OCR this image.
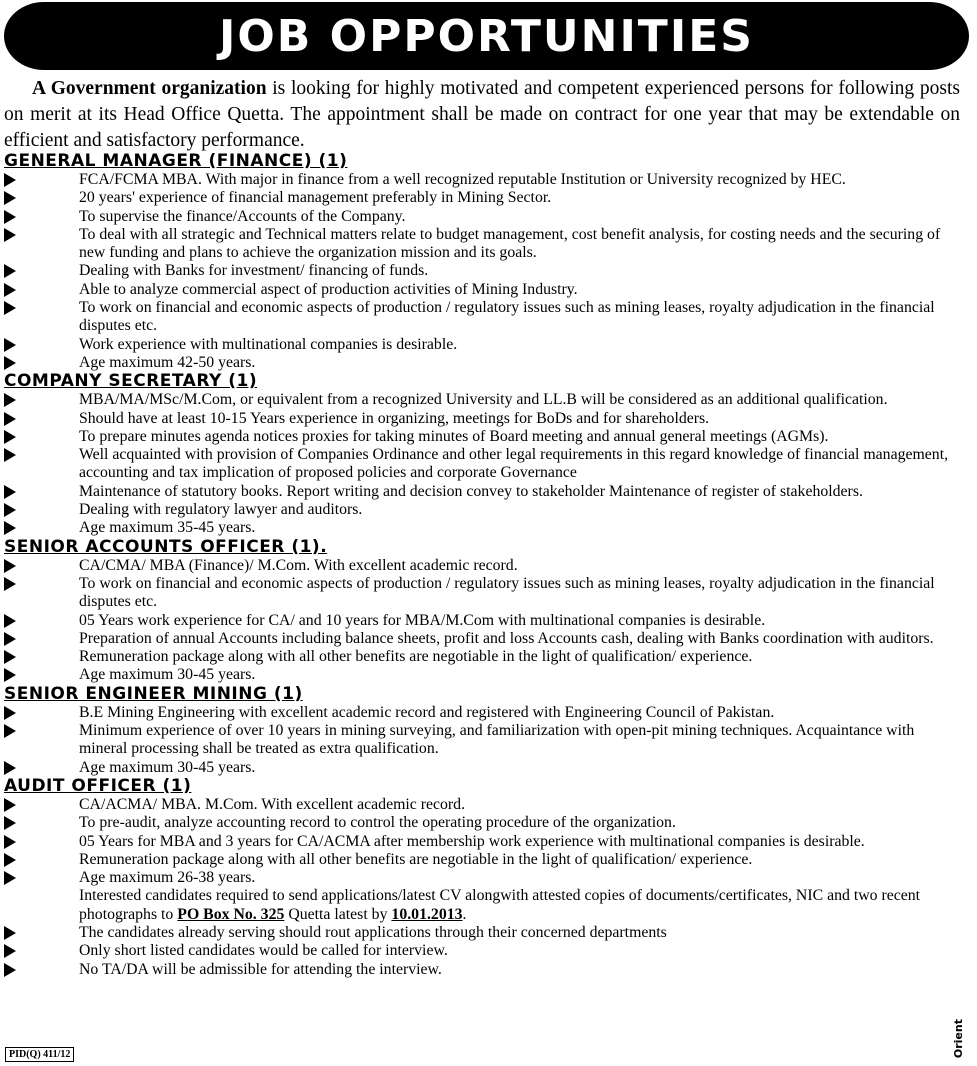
JOB OPPORTUNITIES
A Government organization is looking for highly motivated and competent experienced persons for following posts on merit at its Head Office Quetta. The appointment shall be made on contract for one year that may be extendable on efficient and satisfactory performance.
GENERAL MANAGER (FINANCE) (1)
FCA/FCMA MBA. With major in finance from a well recognized reputable Institution or University recognized by HEC.
20 years' experience of financial management preferably in Mining Sector.
To supervise the finance/Accounts of the Company.
To deal with all strategic and Technical matters relate to budget management, cost benefit analysis, for costing needs and the securing of new funding and plans to achieve the organization mission and its goals.
Dealing with Banks for investment/ financing of funds.
Able to analyze commercial aspect of production activities of Mining Industry.
To work on financial and economic aspects of production / regulatory issues such as mining leases, royalty adjudication in the financial disputes etc.
Work experience with multinational companies is desirable.
Age maximum 42-50 years.
COMPANY SECRETARY (1)
MBA/MA/MSc/M.Com, or equivalent from a recognized University and LL.B will be considered as an additional qualification.
Should have at least 10-15 Years experience in organizing, meetings for BoDs and for shareholders.
To prepare minutes agenda notices proxies for taking minutes of Board meeting and annual general meetings (AGMs).
Well acquainted with provision of Companies Ordinance and other legal requirements in this regard knowledge of financial management, accounting and tax implication of proposed policies and corporate Governance
Maintenance of statutory books. Report writing and decision convey to stakeholder Maintenance of register of stakeholders.
Dealing with regulatory lawyer and auditors.
Age maximum 35-45 years.
SENIOR ACCOUNTS OFFICER (1).
CA/CMA/ MBA (Finance)/ M.Com. With excellent academic record.
To work on financial and economic aspects of production / regulatory issues such as mining leases, royalty adjudication in the financial disputes etc.
05 Years work experience for CA/ and 10 years for MBA/M.Com with multinational companies is desirable.
Preparation of annual Accounts including balance sheets, profit and loss Accounts cash, dealing with Banks coordination with auditors.
Remuneration package along with all other benefits are negotiable in the light of qualification/ experience.
Age maximum 30-45 years.
SENIOR ENGINEER MINING (1)
B.E Mining Engineering with excellent academic record and registered with Engineering Council of Pakistan.
Minimum experience of over 10 years in mining surveying, and familiarization with open-pit mining techniques. Acquaintance with mineral processing shall be treated as extra qualification.
Age maximum 30-45 years.
AUDIT OFFICER (1)
CA/ACMA/ MBA. M.Com. With excellent academic record.
To pre-audit, analyze accounting record to control the operating procedure of the organization.
05 Years for MBA and 3 years for CA/ACMA after membership work experience with multinational companies is desirable.
Remuneration package along with all other benefits are negotiable in the light of qualification/ experience.
Age maximum 26-38 years.
Interested candidates required to send applications/latest CV alongwith attested copies of documents/certificates, NIC and two recent photographs to PO Box No. 325 Quetta latest by 10.01.2013.
The candidates already serving should rout applications through their concerned departments
Only short listed candidates would be called for interview.
No TA/DA will be admissible for attending the interview.
PID(Q) 411/12	Orient
